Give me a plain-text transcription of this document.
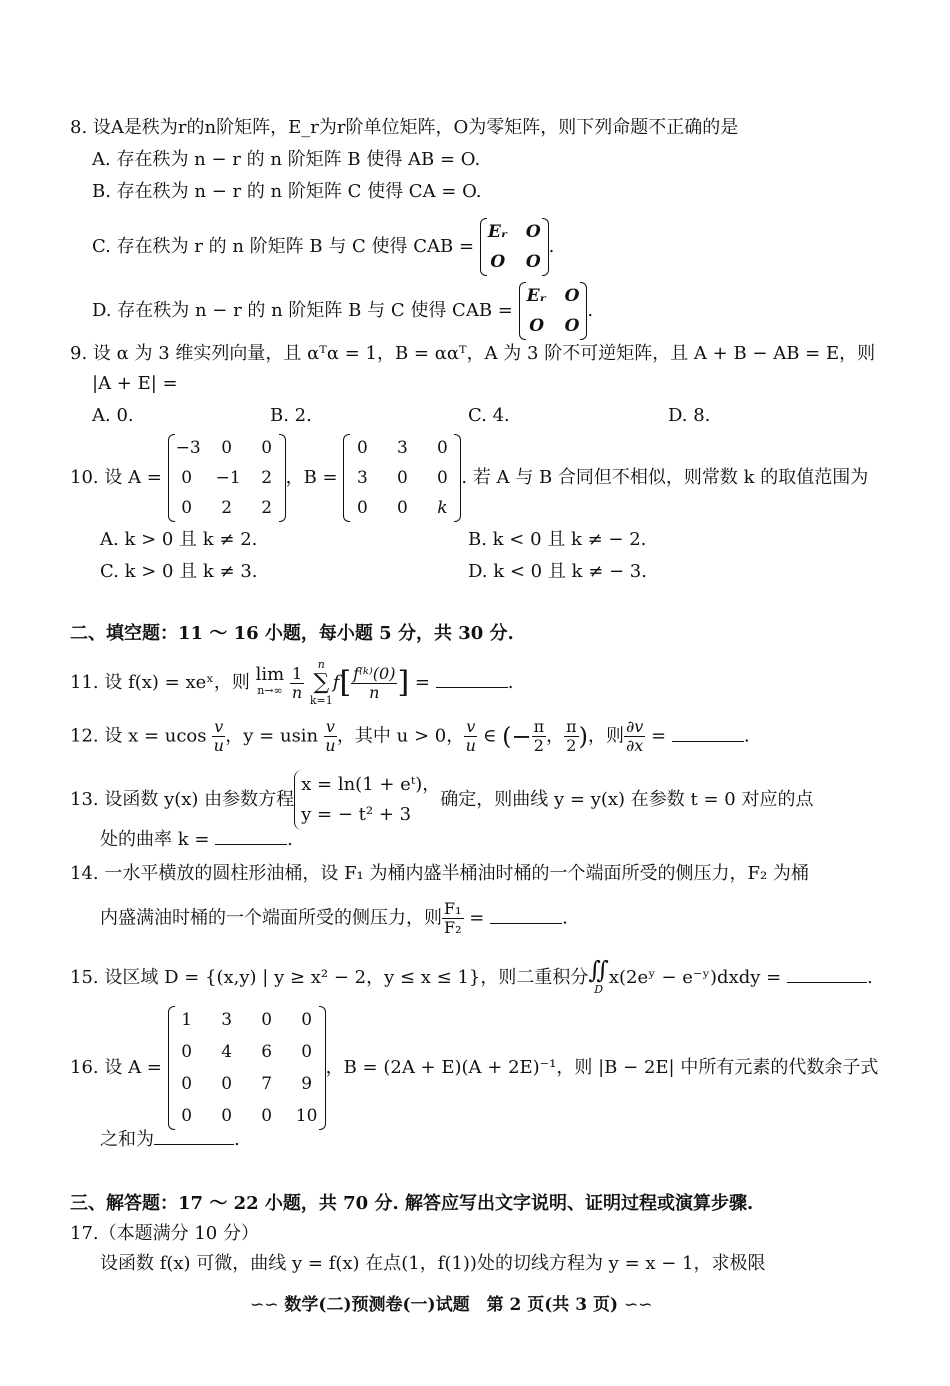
8. 设A是秩为r的n阶矩阵，E_r为r阶单位矩阵，O为零矩阵，则下列命题不正确的是
A. 存在秩为 n − r 的 n 阶矩阵 B 使得 AB = O.
B. 存在秩为 n − r 的 n 阶矩阵 C 使得 CA = O.
C. 存在秩为 r 的 n 阶矩阵 B 与 C 使得 CAB =
Eᵣ O
O O
.
D. 存在秩为 n − r 的 n 阶矩阵 B 与 C 使得 CAB =
Eᵣ O
O O
.
9. 设 α 为 3 维实列向量，且 αᵀα = 1，B = ααᵀ，A 为 3 阶不可逆矩阵，且 A + B − AB = E，则
|A + E| =
A. 0.	B. 2.	C. 4.	D. 8.
10. 设 A =
−3	0	0
0	−1	2
0	2	2
，B =
0	3	0
3	0	0
0	0	k
. 若 A 与 B 合同但不相似，则常数 k 的取值范围为
A. k > 0 且 k ≠ 2.	B. k < 0 且 k ≠ − 2.
C. k > 0 且 k ≠ 3.	D. k < 0 且 k ≠ − 3.
二、填空题：11 ～ 16 小题，每小题 5 分，共 30 分.
11. 设 f(x) = xeˣ，则 lim
n→∞
$\frac{1}{n}$
	n
∑
k=1
$f[ \frac{\text{f⁽ᵏ⁾(0)}}{n}$ ] =	.
12. 设 x = ucos $\frac{v}{u}$ ，y = usin $\frac{v}{u}$ ，其中 u > 0， $\frac{v}{u}$ ∈ (− $\frac{\pi}{2}$ ， $\frac{\pi}{2}$ )，则 $\frac{\partial v}{\partial x}$ =	.
13. 设函数 y(x) 由参数方程
x = ln(1 + eᵗ)，
y = − t² + 3
确定，则曲线 y = y(x) 在参数 t = 0 对应的点
处的曲率 k =	.
14. 一水平横放的圆柱形油桶，设 F₁ 为桶内盛半桶油时桶的一个端面所受的侧压力，F₂ 为桶
内盛满油时桶的一个端面所受的侧压力，则 $\frac{\text{F₁}}{\text{F₂}}$ =	.
15. 设区域 D = {(x,y) | y ≥ x² − 2，y ≤ x ≤ 1}，则二重积分 ∬
D
x(2eʸ − e⁻ʸ)dxdy =	.
16. 设 A =
1	3	0	0
0	4	6	0
0	0	7	9
0	0	0	10
，B = (2A + E)(A + 2E)⁻¹，则 |B − 2E| 中所有元素的代数余子式
之和为	.
三、解答题：17 ～ 22 小题，共 70 分. 解答应写出文字说明、证明过程或演算步骤.
17.（本题满分 10 分）
设函数 f(x) 可微，曲线 y = f(x) 在点(1，f(1))处的切线方程为 y = x − 1，求极限
∽∽ 数学(二)预测卷(一)试题　第 2 页(共 3 页) ∽∽
